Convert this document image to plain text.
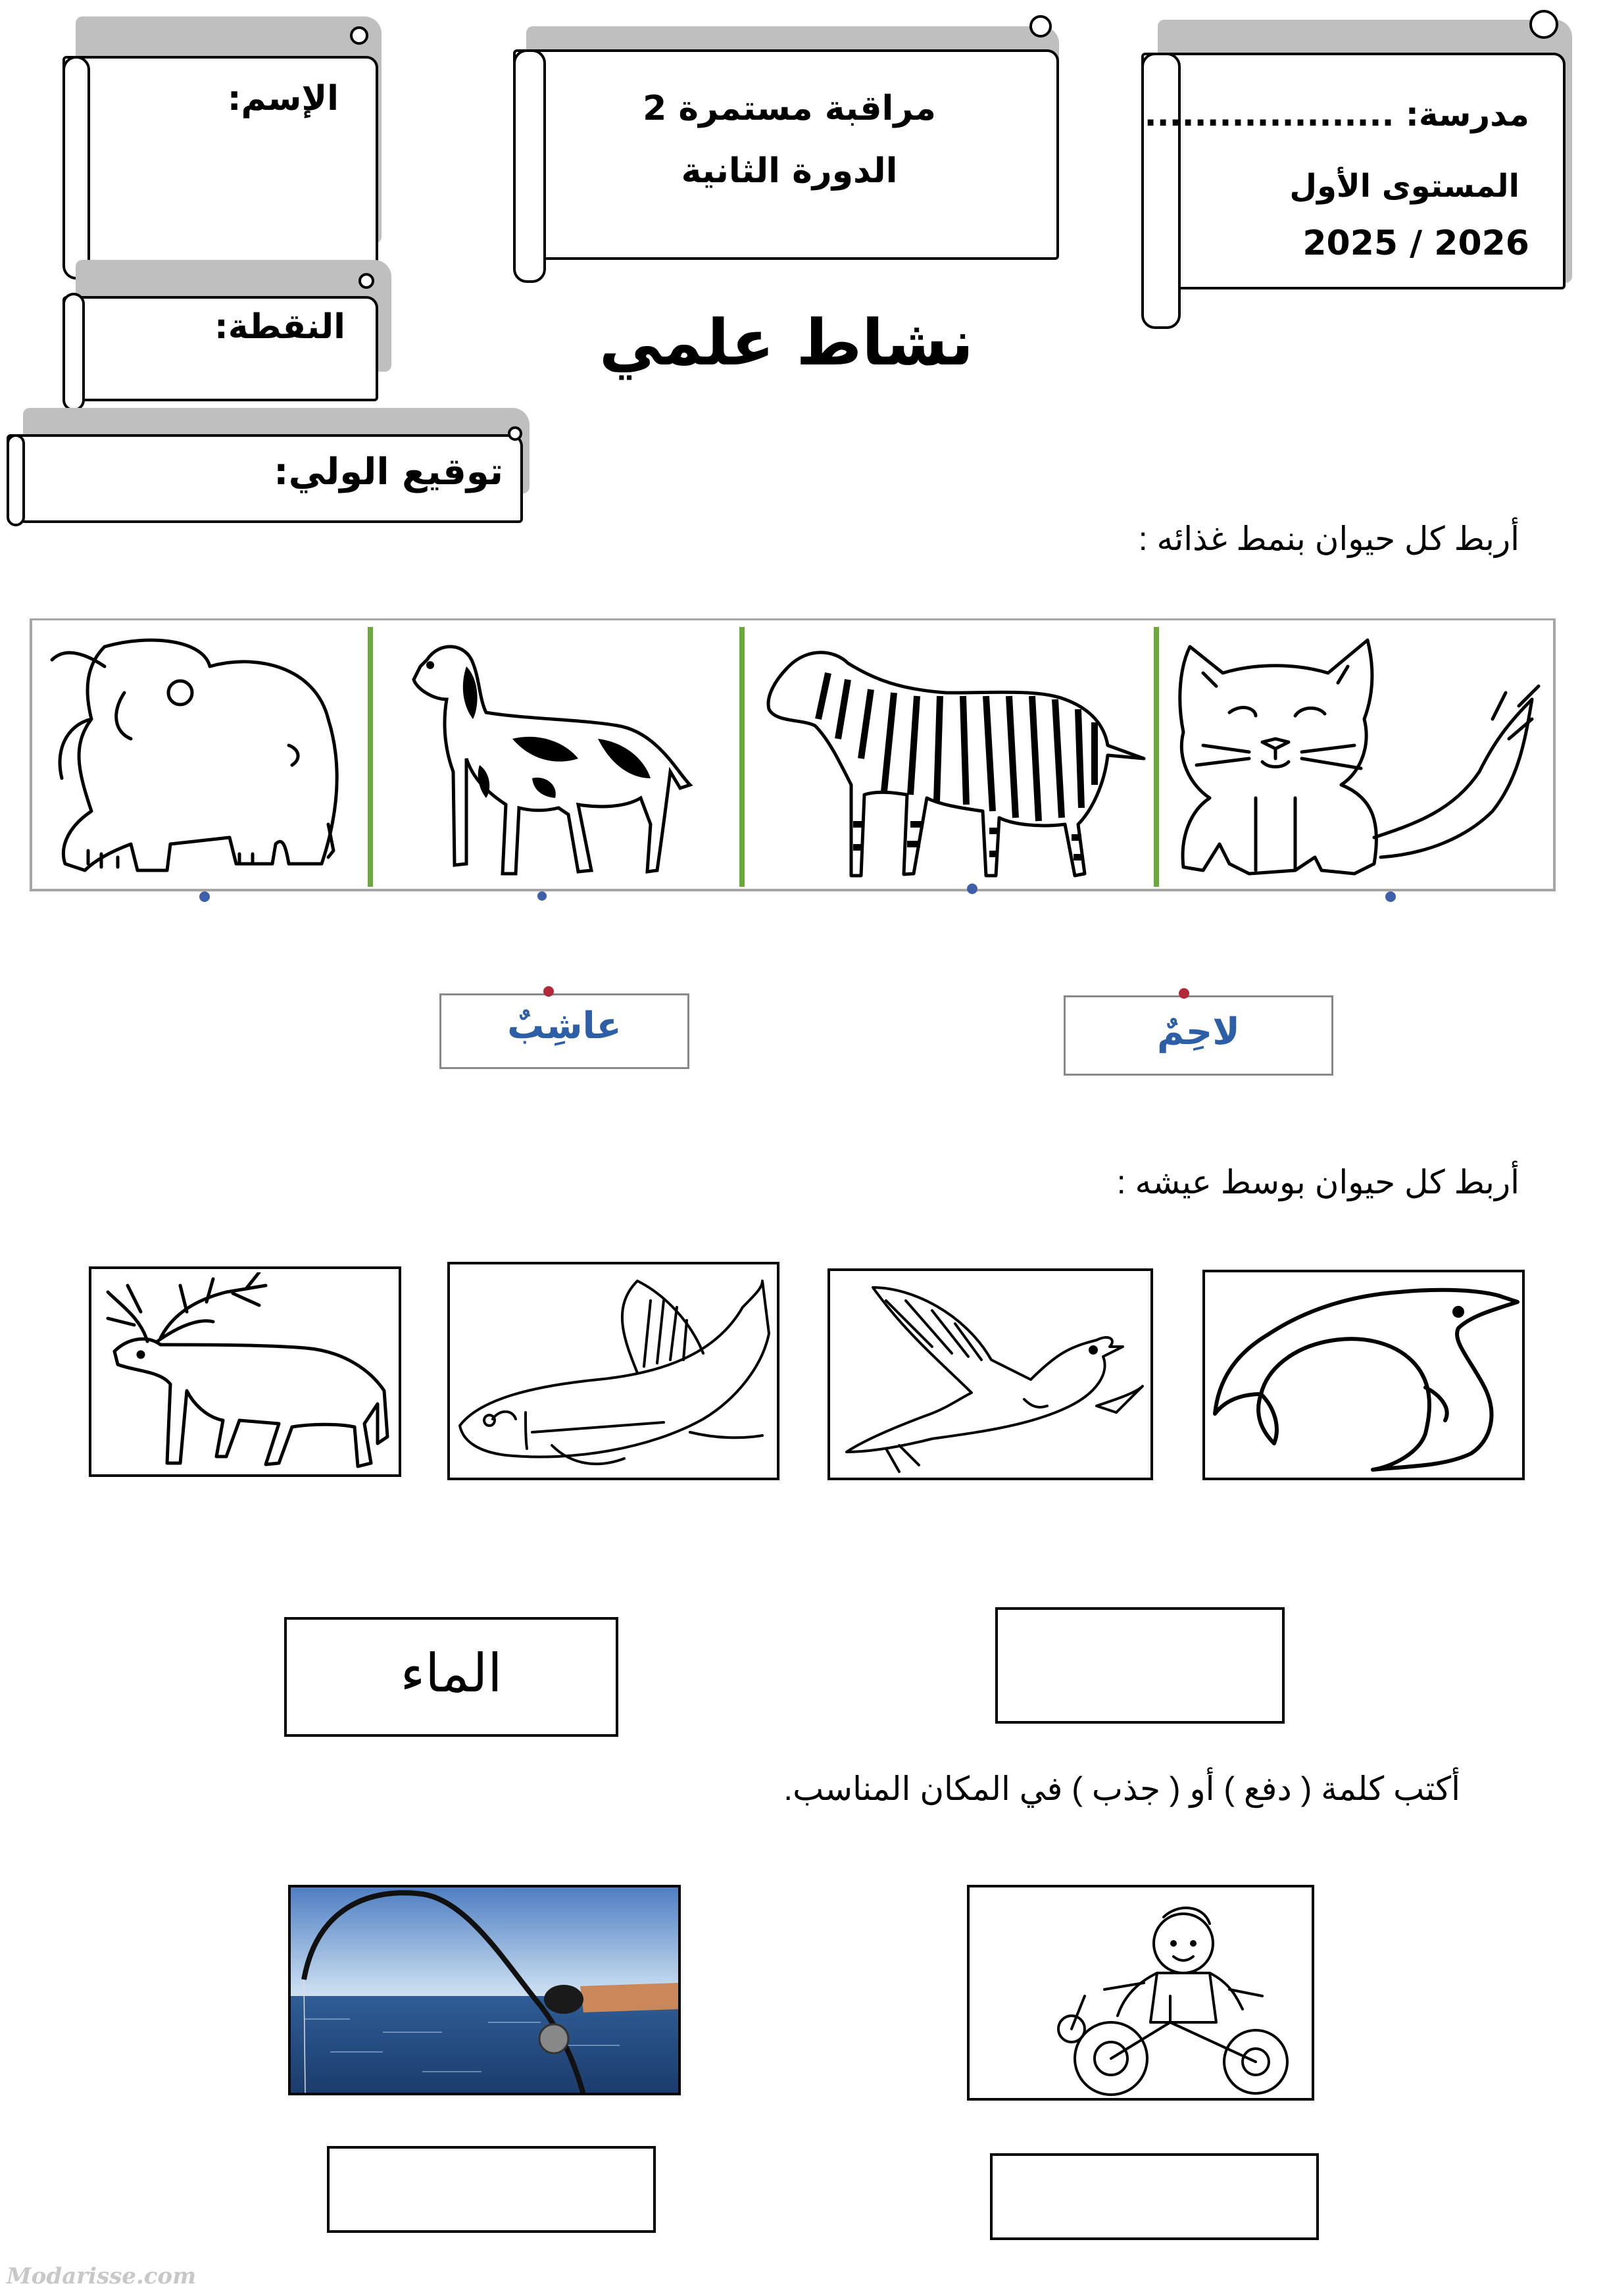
الإسم:
النقطة:
توقيع الولي:
مراقبة مستمرة 2
الدورة الثانية
مدرسة: ....................
المستوى الأول
2026 / 2025
نشاط علمي
أربط كل حيوان بنمط غذائه :
عاشِبٌ	لاحِمٌ
أربط كل حيوان بوسط عيشه :
الماء
أكتب كلمة ( دفع ) أو ( جذب ) في المكان المناسب.
Modarisse.com
